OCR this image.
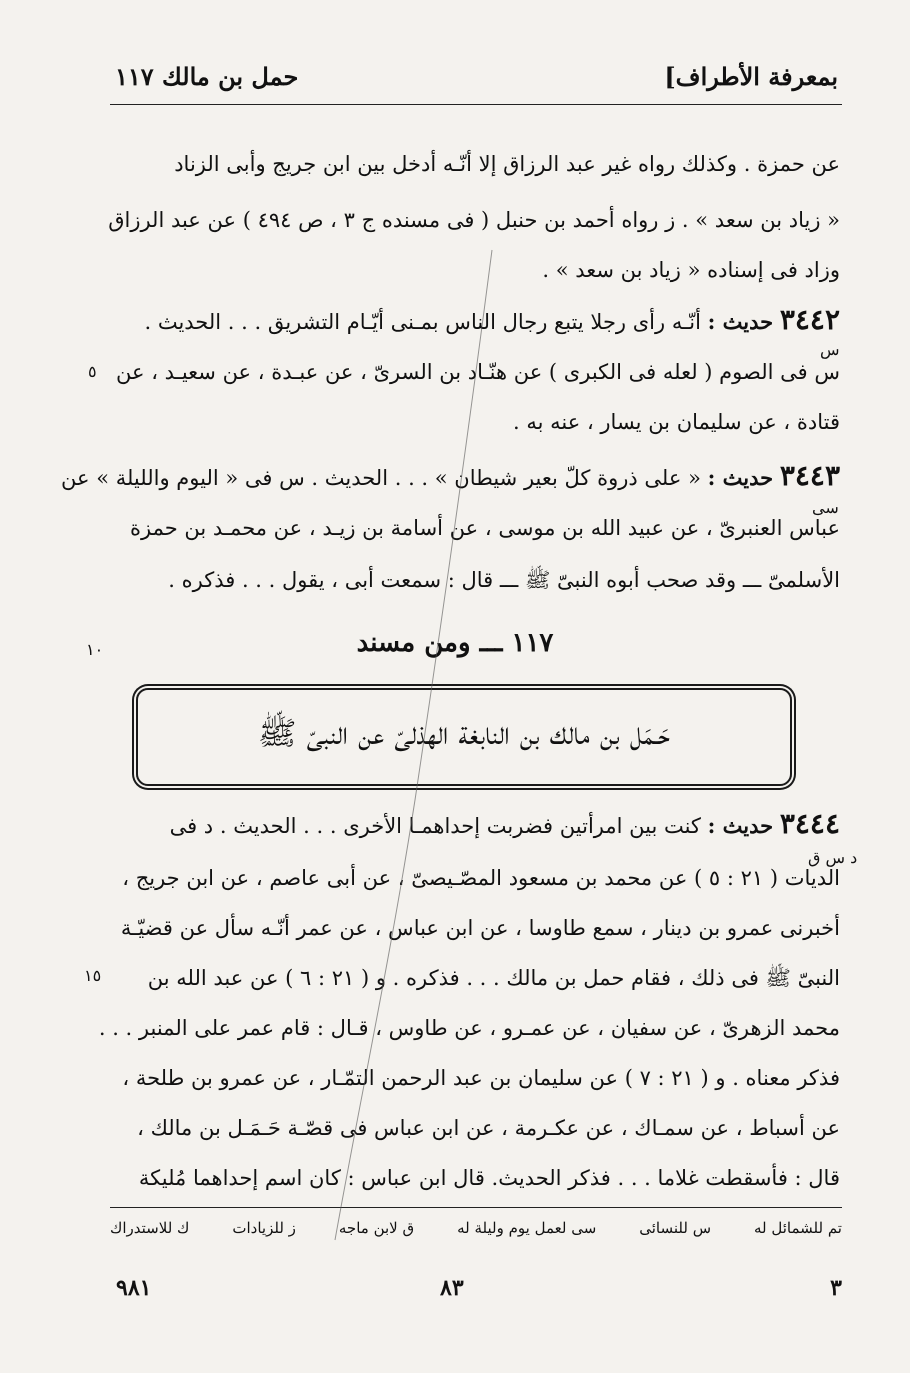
حمل بن مالك ١١٧	بمعرفة الأطراف]
عن حمزة . وكذلك رواه غير عبد الرزاق إلا أنّـه أدخل بين ابن جريج وأبى الزناد
« زياد بن سعد » . ز رواه أحمد بن حنبل ( فى مسنده ج ٣ ، ص ٤٩٤ ) عن عبد الرزاق
وزاد فى إسناده « زياد بن سعد » .
٣٤٤٢ حديث : أنّـه رأى رجلا يتبع رجال الناس بمـنى أيّـام التشريق . . . الحديث .
س فى الصوم ( لعله فى الكبرى ) عن هنّـاد بن السرىّ ، عن عبـدة ، عن سعيـد ، عن
قتادة ، عن سليمان بن يسار ، عنه به .
٣٤٤٣ حديث : « على ذروة كلّ بعير شيطان » . . . الحديث . س فى « اليوم والليلة » عن
عباس العنبرىّ ، عن عبيد الله بن موسى ، عن أسامة بن زيـد ، عن محمـد بن حمزة
الأسلمىّ ـــ وقد صحب أبوه النبىّ ﷺ ـــ قال : سمعت أبى ، يقول . . . فذكره .
١١٧ ـــ ومن مسند
حَـمَل بن مالك بن النابغة الهذلىّ عن النبىّ ﷺ
٣٤٤٤ حديث : كنت بين امرأتين فضربت إحداهمـا الأخرى . . . الحديث . د فى
الديات ( ٢١ : ٥ ) عن محمد بن مسعود المصّـيصىّ ، عن أبى عاصم ، عن ابن جريج ،
أخبرنى عمرو بن دينار ، سمع طاوسا ، عن ابن عباس ، عن عمر أنّـه سأل عن قضيّـة
النبىّ ﷺ فى ذلك ، فقام حمل بن مالك . . . فذكره . و ( ٢١ : ٦ ) عن عبد الله بن
محمد الزهرىّ ، عن سفيان ، عن عمـرو ، عن طاوس ، قـال : قام عمر على المنبر . . .
فذكر معناه . و ( ٢١ : ٧ ) عن سليمان بن عبد الرحمن التمّـار ، عن عمرو بن طلحة ،
عن أسباط ، عن سمـاك ، عن عكـرمة ، عن ابن عباس فى قصّـة حَـمَـل بن مالك ،
قال : فأسقطت غلاما . . . فذكر الحديث. قال ابن عباس : كان اسم إحداهما مُليكة
س
سى
د س ق
٥
١٠
١٥
تم للشمائل له
س للنسائى
سى لعمل يوم وليلة له
ق لابن ماجه
ز للزيادات
ك للاستدراك
٩٨١	٨٣	٣
